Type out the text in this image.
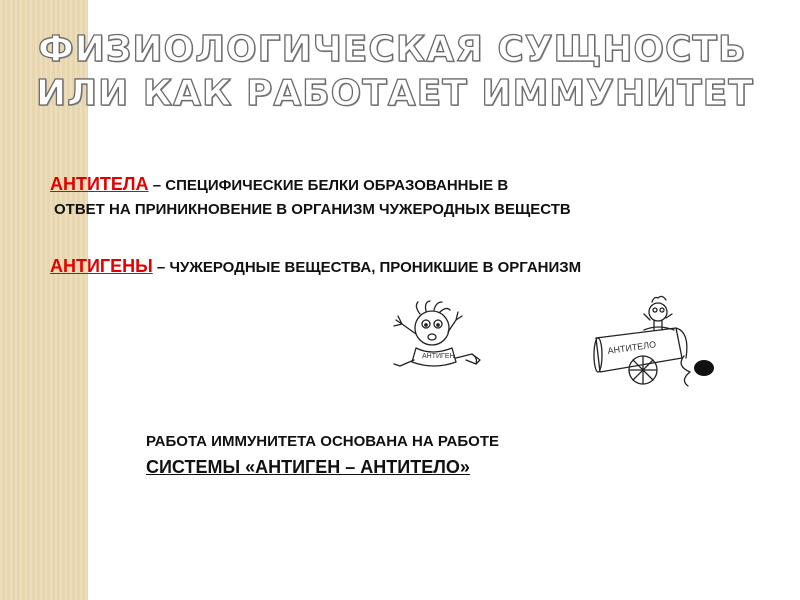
ФИЗИОЛОГИЧЕСКАЯ СУЩНОСТЬ
ИЛИ КАК РАБОТАЕТ ИММУНИТЕТ
АНТИТЕЛА – СПЕЦИФИЧЕСКИЕ БЕЛКИ ОБРАЗОВАННЫЕ В
ОТВЕТ НА ПРИНИКНОВЕНИЕ В ОРГАНИЗМ ЧУЖЕРОДНЫХ ВЕЩЕСТВ
АНТИГЕНЫ – ЧУЖЕРОДНЫЕ ВЕЩЕСТВА, ПРОНИКШИЕ В ОРГАНИЗМ
АНТИГЕН
АНТИТЕЛО
РАБОТА ИММУНИТЕТА ОСНОВАНА НА РАБОТЕ
СИСТЕМЫ «АНТИГЕН – АНТИТЕЛО»
